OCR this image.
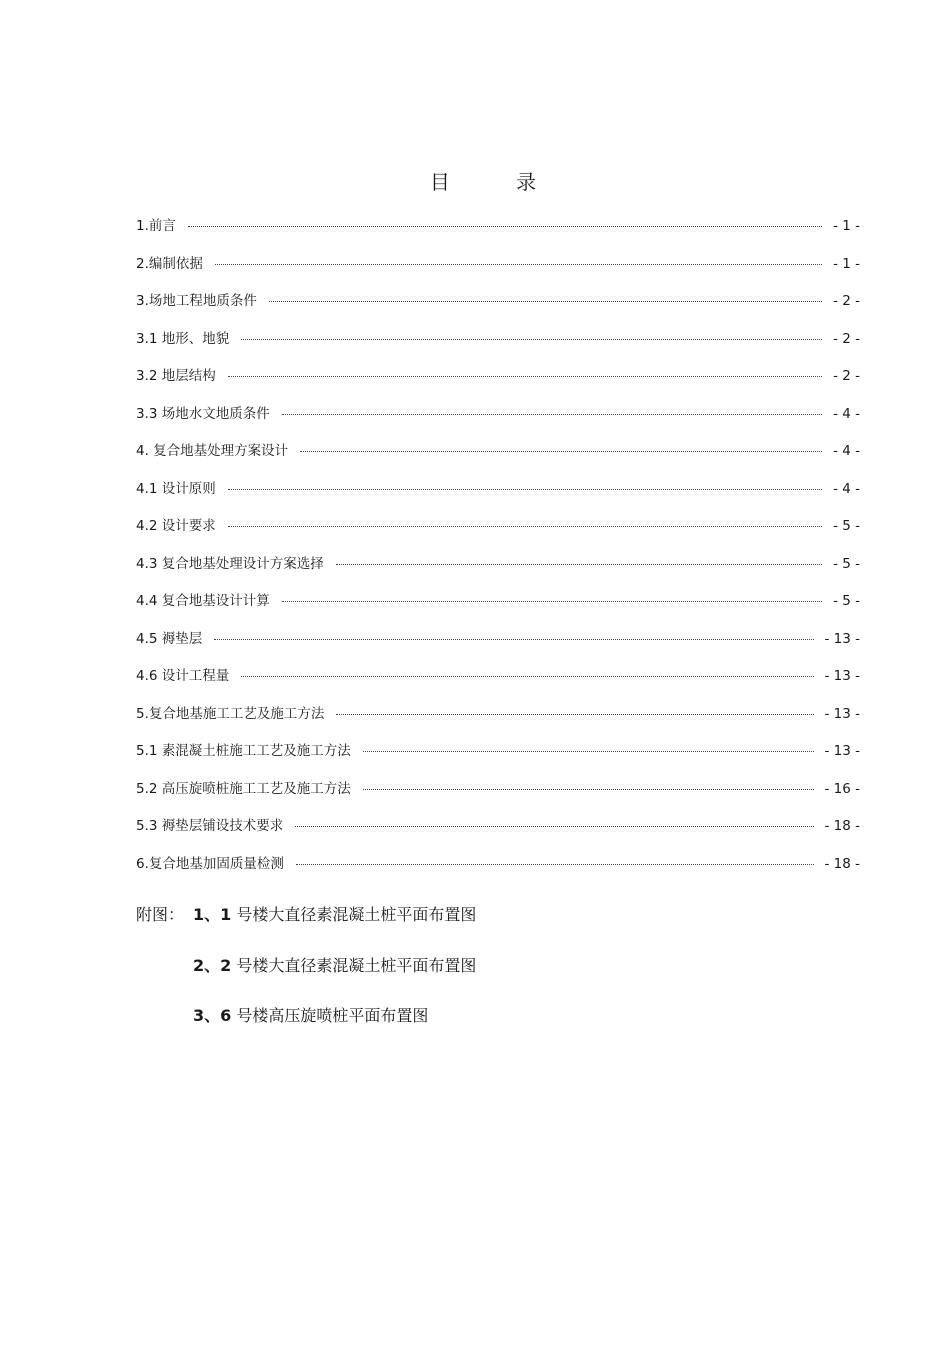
目 录
1.前言	- 1 -
2.编制依据	- 1 -
3.场地工程地质条件	- 2 -
3.1 地形、地貌	- 2 -
3.2 地层结构	- 2 -
3.3 场地水文地质条件	- 4 -
4. 复合地基处理方案设计	- 4 -
4.1 设计原则	- 4 -
4.2 设计要求	- 5 -
4.3 复合地基处理设计方案选择	- 5 -
4.4 复合地基设计计算	- 5 -
4.5 褥垫层	- 13 -
4.6 设计工程量	- 13 -
5.复合地基施工工艺及施工方法	- 13 -
5.1 素混凝土桩施工工艺及施工方法	- 13 -
5.2 高压旋喷桩施工工艺及施工方法	- 16 -
5.3 褥垫层铺设技术要求	- 18 -
6.复合地基加固质量检测	- 18 -
附图： 1、1 号楼大直径素混凝土桩平面布置图
2、2 号楼大直径素混凝土桩平面布置图
3、6 号楼高压旋喷桩平面布置图
